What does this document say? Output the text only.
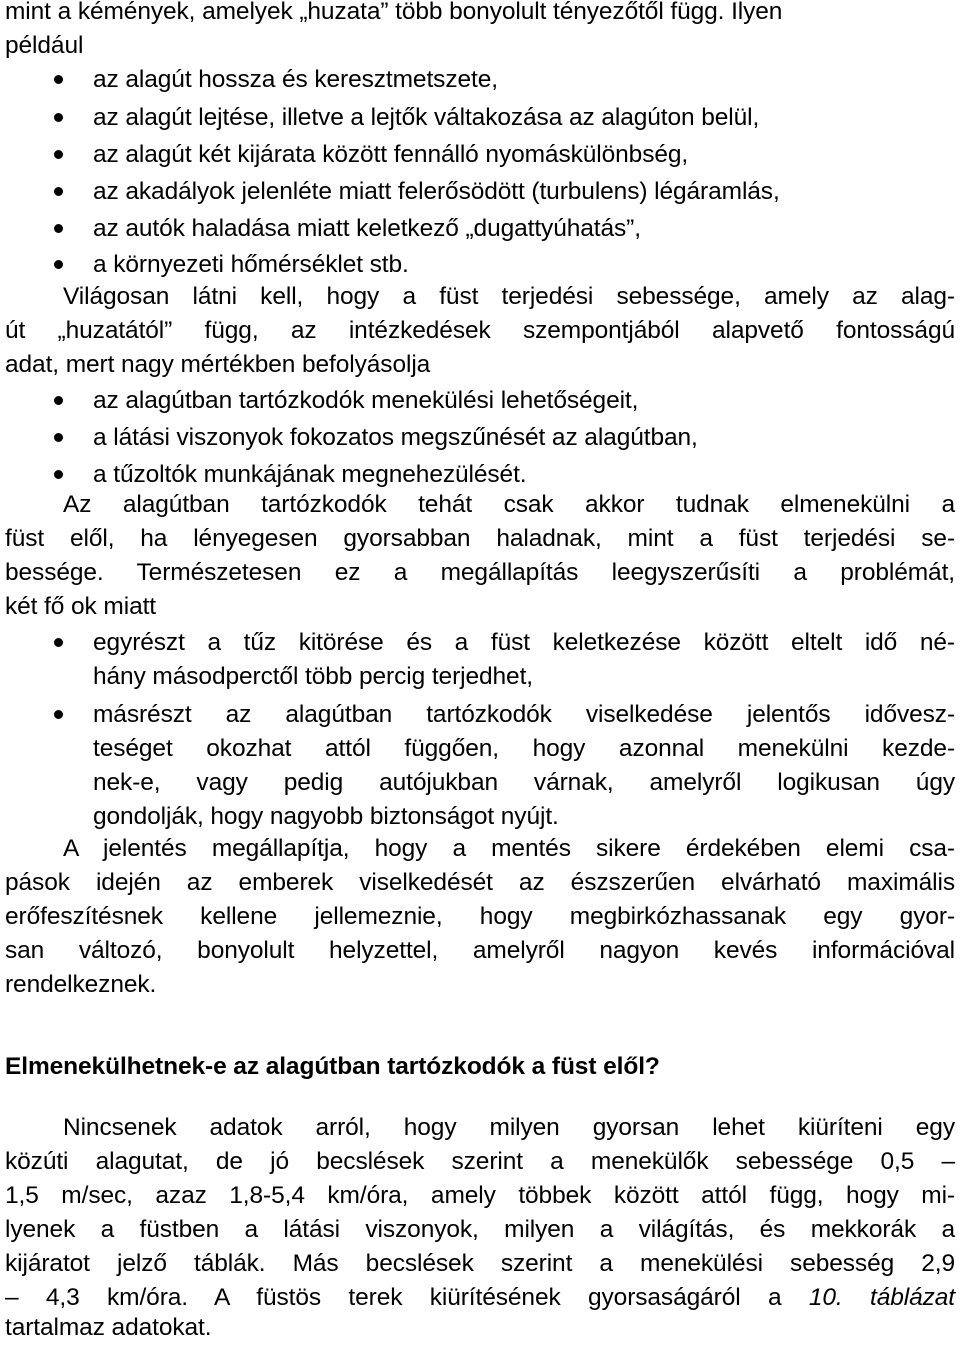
mint a kémények, amelyek „huzata” több bonyolult tényezőtől függ. Ilyen
például
az alagút hossza és keresztmetszete,
az alagút lejtése, illetve a lejtők váltakozása az alagúton belül,
az alagút két kijárata között fennálló nyomáskülönbség,
az akadályok jelenléte miatt felerősödött (turbulens) légáramlás,
az autók haladása miatt keletkező „dugattyúhatás”,
a környezeti hőmérséklet stb.
Világosan látni kell, hogy a füst terjedési sebessége, amely az alag-
út „huzatától” függ, az intézkedések szempontjából alapvető fontosságú
adat, mert nagy mértékben befolyásolja
az alagútban tartózkodók menekülési lehetőségeit,
a látási viszonyok fokozatos megszűnését az alagútban,
a tűzoltók munkájának megnehezülését.
Az alagútban tartózkodók tehát csak akkor tudnak elmenekülni a
füst elől, ha lényegesen gyorsabban haladnak, mint a füst terjedési se-
bessége. Természetesen ez a megállapítás leegyszerűsíti a problémát,
két fő ok miatt
egyrészt a tűz kitörése és a füst keletkezése között eltelt idő né-
hány másodperctől több percig terjedhet,
másrészt az alagútban tartózkodók viselkedése jelentős idővesz-
teséget okozhat attól függően, hogy azonnal menekülni kezde-
nek-e, vagy pedig autójukban várnak, amelyről logikusan úgy
gondolják, hogy nagyobb biztonságot nyújt.
A jelentés megállapítja, hogy a mentés sikere érdekében elemi csa-
pások idején az emberek viselkedését az észszerűen elvárható maximális
erőfeszítésnek kellene jellemeznie, hogy megbirkózhassanak egy gyor-
san változó, bonyolult helyzettel, amelyről nagyon kevés információval
rendelkeznek.
Elmenekülhetnek-e az alagútban tartózkodók a füst elől?
Nincsenek adatok arról, hogy milyen gyorsan lehet kiüríteni egy
közúti alagutat, de jó becslések szerint a menekülők sebessége 0,5 –
1,5 m/sec, azaz 1,8-5,4 km/óra, amely többek között attól függ, hogy mi-
lyenek a füstben a látási viszonyok, milyen a világítás, és mekkorák a
kijáratot jelző táblák. Más becslések szerint a menekülési sebesség 2,9
– 4,3 km/óra. A füstös terek kiürítésének gyorsaságáról a 10. táblázat
tartalmaz adatokat.
